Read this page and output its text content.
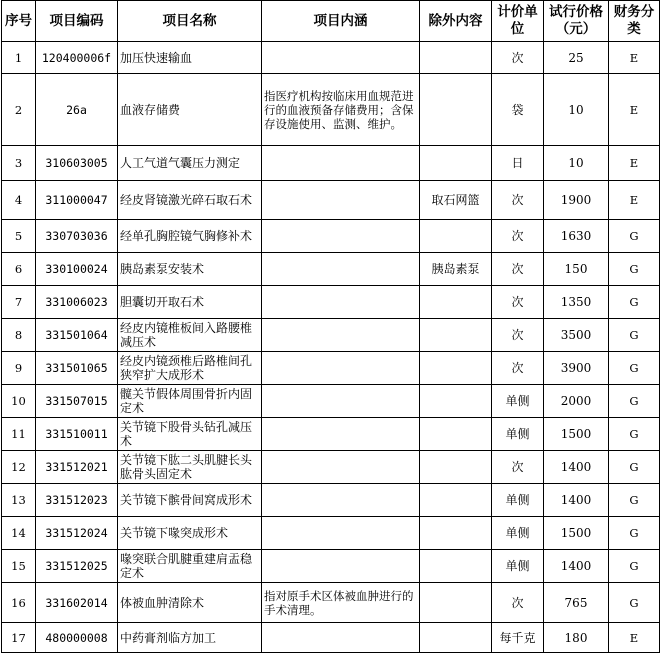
序号	项目编码	项目名称	项目内涵	除外内容	计价单位	试行价格（元）	财务分类
1	120400006f	加压快速输血			次	25	E
2	26a	血液存储费	指医疗机构按临床用血规范进行的血液预备存储费用；含保存设施使用、监测、维护。		袋	10	E
3	310603005	人工气道气囊压力测定			日	10	E
4	311000047	经皮肾镜激光碎石取石术		取石网篮	次	1900	E
5	330703036	经单孔胸腔镜气胸修补术			次	1630	G
6	330100024	胰岛素泵安装术		胰岛素泵	次	150	G
7	331006023	胆囊切开取石术			次	1350	G
8	331501064	经皮内镜椎板间入路腰椎减压术			次	3500	G
9	331501065	经皮内镜颈椎后路椎间孔狭窄扩大成形术			次	3900	G
10	331507015	髋关节假体周围骨折内固定术			单侧	2000	G
11	331510011	关节镜下股骨头钻孔减压术			单侧	1500	G
12	331512021	关节镜下肱二头肌腱长头肱骨头固定术			次	1400	G
13	331512023	关节镜下髌骨间窝成形术			单侧	1400	G
14	331512024	关节镜下喙突成形术			单侧	1500	G
15	331512025	喙突联合肌腱重建肩盂稳定术			单侧	1400	G
16	331602014	体被血肿清除术	指对原手术区体被血肿进行的手术清理。		次	765	G
17	480000008	中药膏剂临方加工			每千克	180	E
